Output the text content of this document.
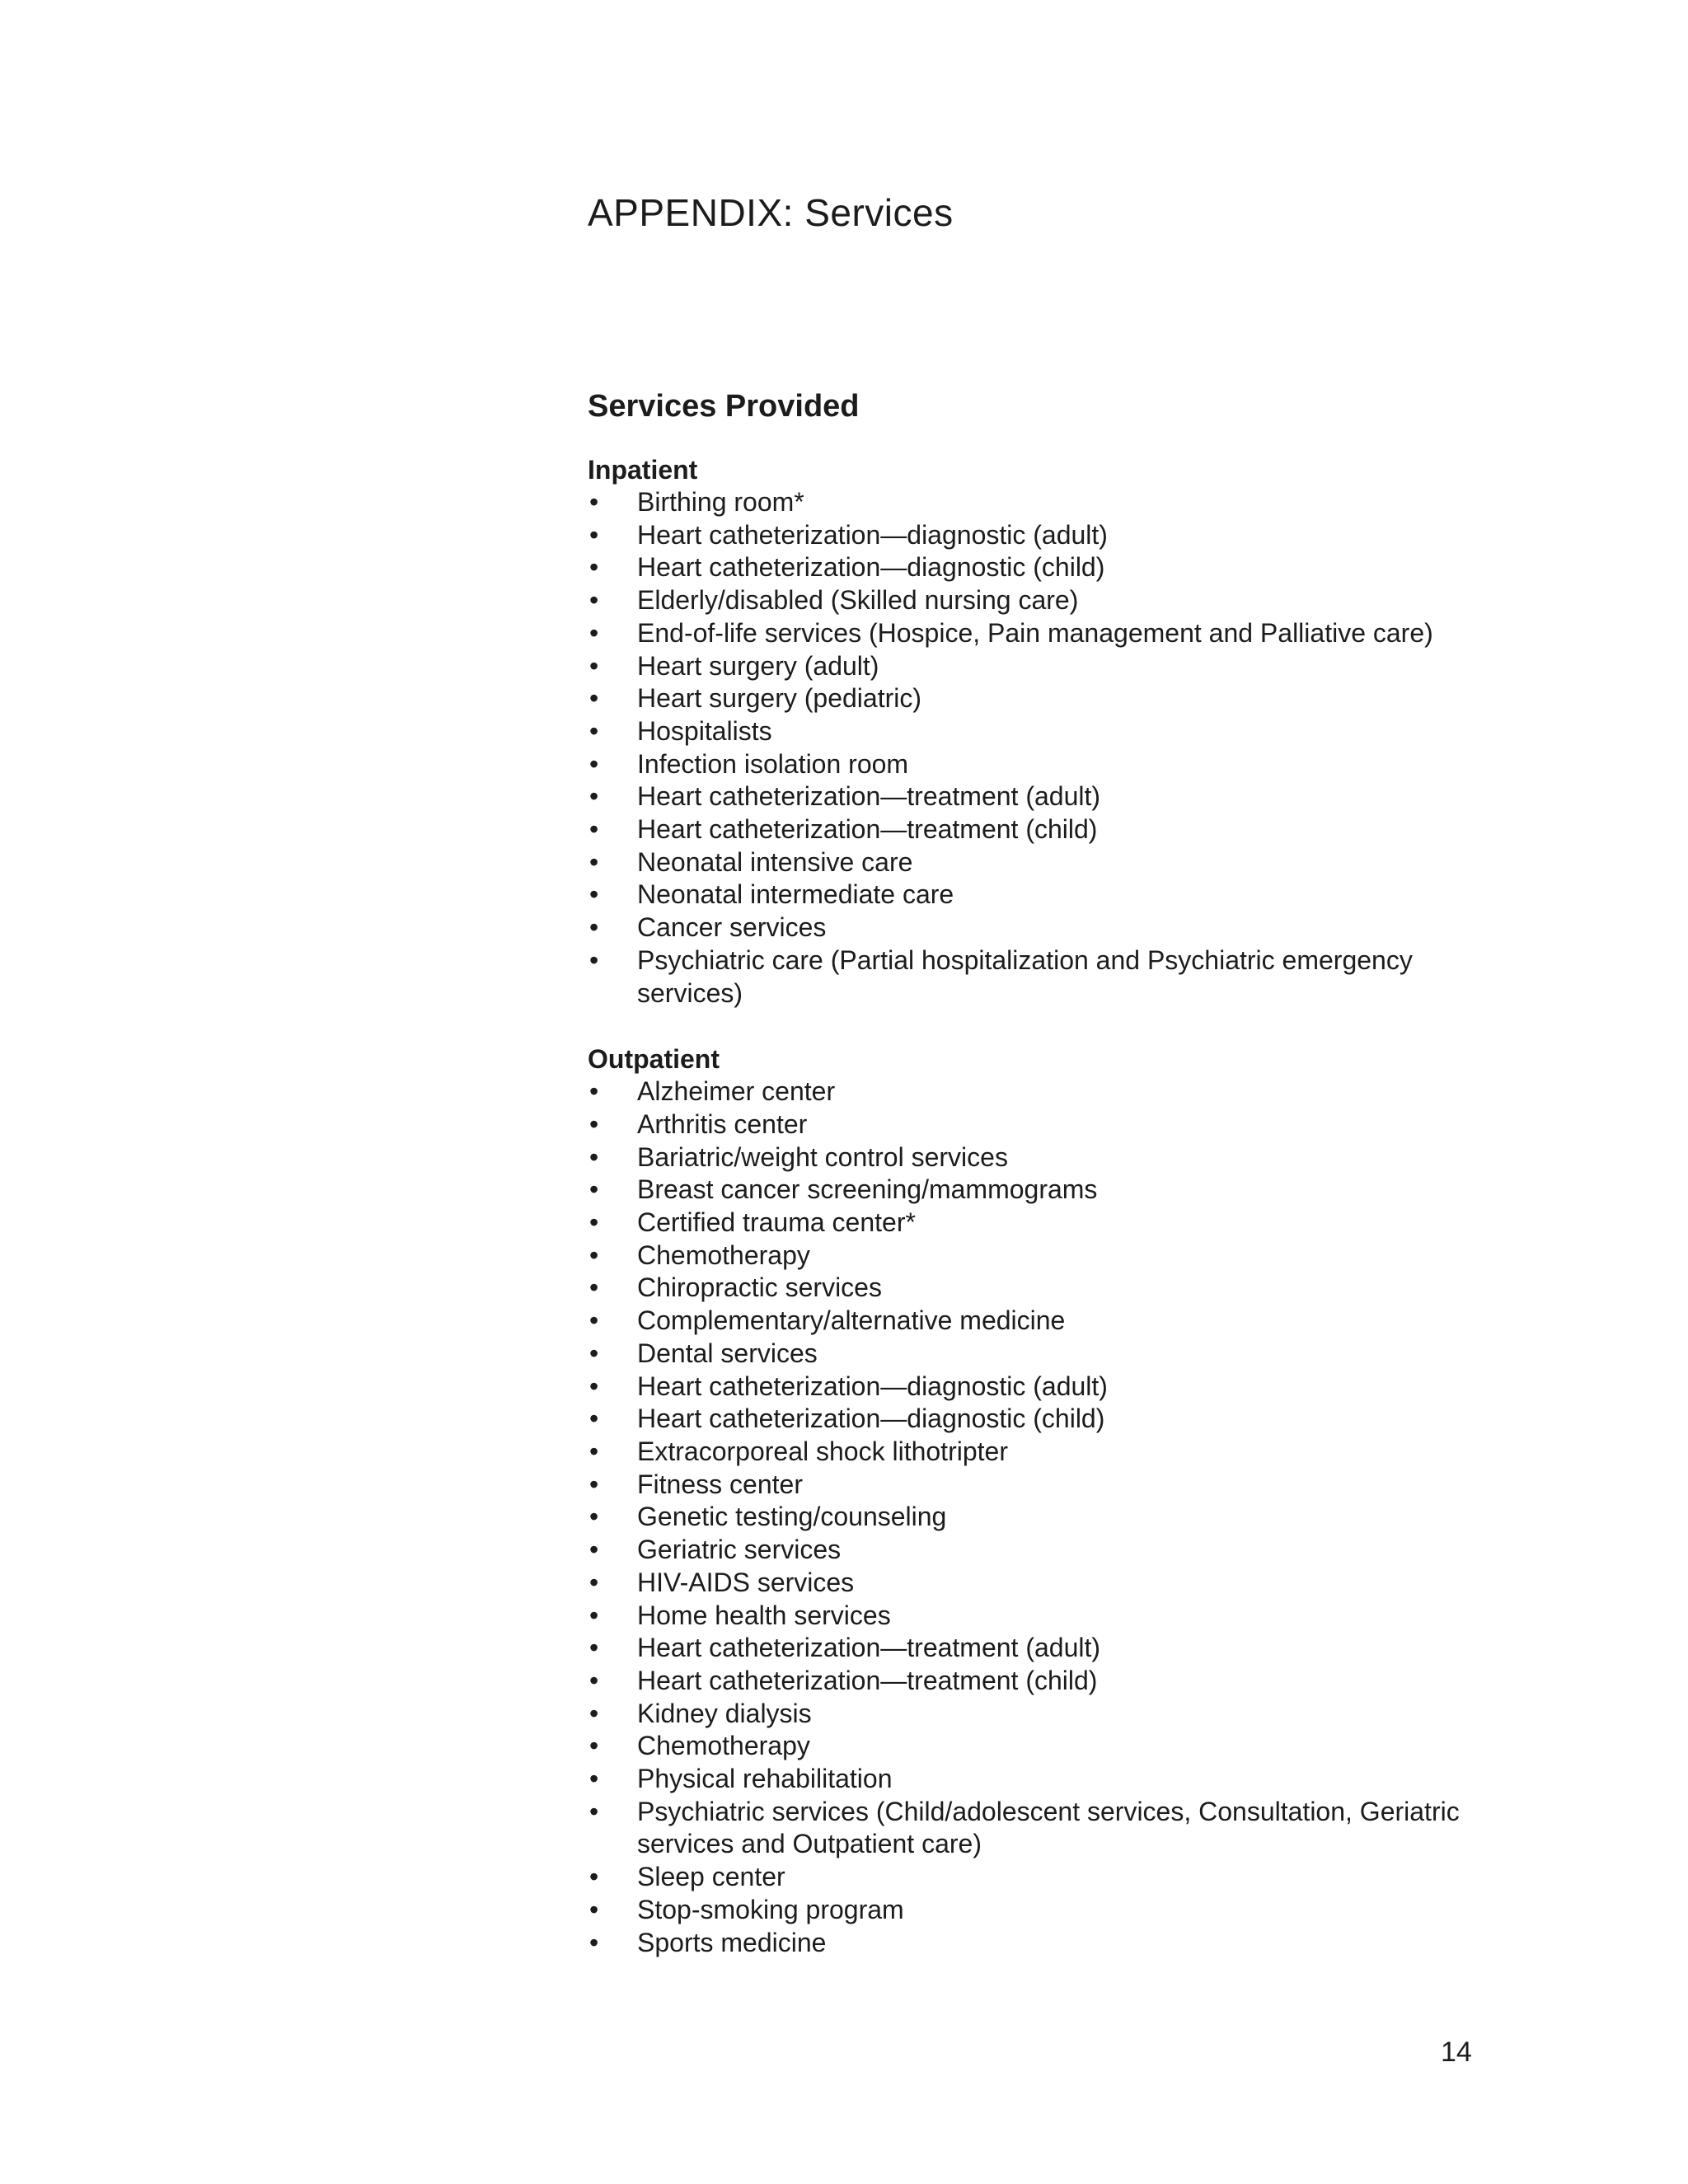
APPENDIX: Services
Services Provided
Inpatient
•	Birthing room*
•	Heart catheterization—diagnostic (adult)
•	Heart catheterization—diagnostic (child)
•	Elderly/disabled (Skilled nursing care)
•	End-of-life services (Hospice, Pain management and Palliative care)
•	Heart surgery (adult)
•	Heart surgery (pediatric)
•	Hospitalists
•	Infection isolation room
•	Heart catheterization—treatment (adult)
•	Heart catheterization—treatment (child)
•	Neonatal intensive care
•	Neonatal intermediate care
•	Cancer services
•	Psychiatric care (Partial hospitalization and Psychiatric emergency services)
Outpatient
•	Alzheimer center
•	Arthritis center
•	Bariatric/weight control services
•	Breast cancer screening/mammograms
•	Certified trauma center*
•	Chemotherapy
•	Chiropractic services
•	Complementary/alternative medicine
•	Dental services
•	Heart catheterization—diagnostic (adult)
•	Heart catheterization—diagnostic (child)
•	Extracorporeal shock lithotripter
•	Fitness center
•	Genetic testing/counseling
•	Geriatric services
•	HIV-AIDS services
•	Home health services
•	Heart catheterization—treatment (adult)
•	Heart catheterization—treatment (child)
•	Kidney dialysis
•	Chemotherapy
•	Physical rehabilitation
•	Psychiatric services (Child/adolescent services, Consultation, Geriatric services and Outpatient care)
•	Sleep center
•	Stop-smoking program
•	Sports medicine

14
